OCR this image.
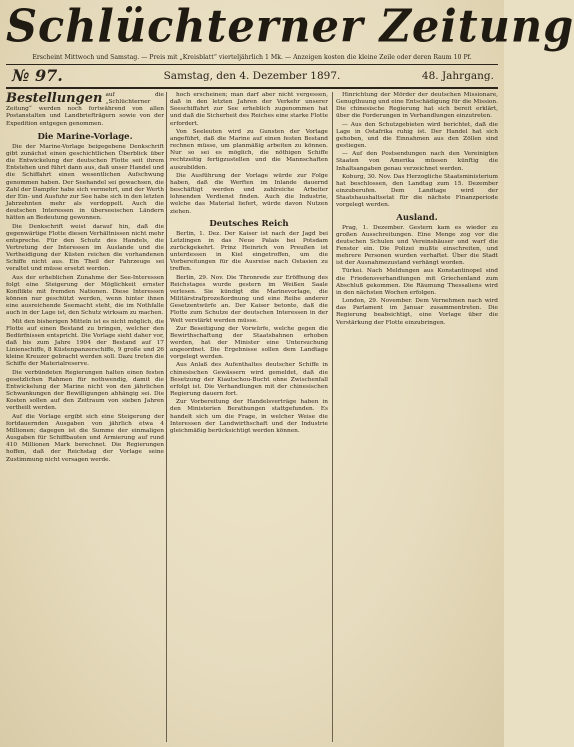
Schlüchterner Zeitung
Erscheint Mittwoch und Samstag. — Preis mit „Kreisblatt“ vierteljährlich 1 Mk. — Anzeigen kosten die kleine Zeile oder deren Raum 10 Pf.
№ 97.	Samstag, den 4. Dezember 1897.	48. Jahrgang.

Bestellungen auf die „Schlüchterner Zeitung“ werden noch fortwährend von allen Postanstalten und Landbriefträgern sowie von der Expedition entgegen genommen.

Die Marine-Vorlage.

Die der Marine-Vorlage beigegebene Denkschrift gibt zunächst einen geschichtlichen Überblick über die Entwickelung der deutschen Flotte seit ihrem Entstehen und führt dann aus, daß unser Handel und die Schiffahrt einen wesentlichen Aufschwung genommen haben. Der Seehandel sei gewachsen, die Zahl der Dampfer habe sich vermehrt, und der Werth der Ein- und Ausfuhr zur See habe sich in den letzten Jahrzehnten mehr als verdoppelt. Auch die deutschen Interessen in überseeischen Ländern hätten an Bedeutung gewonnen.

Die Denkschrift weist darauf hin, daß die gegenwärtige Flotte diesen Verhältnissen nicht mehr entspreche. Für den Schutz des Handels, die Vertretung der Interessen im Auslande und die Vertheidigung der Küsten reichen die vorhandenen Schiffe nicht aus. Ein Theil der Fahrzeuge sei veraltet und müsse ersetzt werden.

Aus der erheblichen Zunahme der See-Interessen folgt eine Steigerung der Möglichkeit ernster Konflikte mit fremden Nationen. Diese Interessen können nur geschützt werden, wenn hinter ihnen eine ausreichende Seemacht steht, die im Nothfalle auch in der Lage ist, den Schutz wirksam zu machen.

Mit den bisherigen Mitteln ist es nicht möglich, die Flotte auf einen Bestand zu bringen, welcher den Bedürfnissen entspricht. Die Vorlage sieht daher vor, daß bis zum Jahre 1904 der Bestand auf 17 Linienschiffe, 8 Küstenpanzerschiffe, 9 große und 26 kleine Kreuzer gebracht werden soll. Dazu treten die Schiffe der Materialreserve.

Die verbündeten Regierungen halten einen festen gesetzlichen Rahmen für nothwendig, damit die Entwickelung der Marine nicht von den jährlichen Schwankungen der Bewilligungen abhängig sei. Die Kosten sollen auf den Zeitraum von sieben Jahren vertheilt werden.

Auf die Vorlage ergibt sich eine Steigerung der fortdauernden Ausgaben von jährlich etwa 4 Millionen; dagegen ist die Summe der einmaligen Ausgaben für Schiffbauten und Armierung auf rund 410 Millionen Mark berechnet. Die Regierungen hoffen, daß der Reichstag der Vorlage seine Zustimmung nicht versagen werde.

hoch erscheinen; man darf aber nicht vergessen, daß in den letzten Jahren der Verkehr unserer Seeschiffahrt zur See erheblich zugenommen hat und daß die Sicherheit des Reiches eine starke Flotte erfordert.

Von Seeleuten wird zu Gunsten der Vorlage angeführt, daß die Marine auf einen festen Bestand rechnen müsse, um planmäßig arbeiten zu können. Nur so sei es möglich, die nöthigen Schiffe rechtzeitig fertigzustellen und die Mannschaften auszubilden.

Die Ausführung der Vorlage würde zur Folge haben, daß die Werften im Inlande dauernd beschäftigt werden und zahlreiche Arbeiter lohnenden Verdienst finden. Auch die Industrie, welche das Material liefert, würde davon Nutzen ziehen.

Deutsches Reich

Berlin, 1. Dez. Der Kaiser ist nach der Jagd bei Letzlingen in das Neue Palais bei Potsdam zurückgekehrt. Prinz Heinrich von Preußen ist unterdessen in Kiel eingetroffen, um die Vorbereitungen für die Ausreise nach Ostasien zu treffen.

Berlin, 29. Nov. Die Thronrede zur Eröffnung des Reichstages wurde gestern im Weißen Saale verlesen. Sie kündigt die Marinevorlage, die Militärstrafprozeßordnung und eine Reihe anderer Gesetzentwürfe an. Der Kaiser betonte, daß die Flotte zum Schutze der deutschen Interessen in der Welt verstärkt werden müsse.

Zur Beseitigung der Vorwürfe, welche gegen die Bewirthschaftung der Staatsbahnen erhoben werden, hat der Minister eine Untersuchung angeordnet. Die Ergebnisse sollen dem Landtage vorgelegt werden.

Aus Anlaß des Aufenthaltes deutscher Schiffe in chinesischen Gewässern wird gemeldet, daß die Besetzung der Kiautschou-Bucht ohne Zwischenfall erfolgt ist. Die Verhandlungen mit der chinesischen Regierung dauern fort.

Zur Vorbereitung der Handelsverträge haben in den Ministerien Berathungen stattgefunden. Es handelt sich um die Frage, in welcher Weise die Interessen der Landwirthschaft und der Industrie gleichmäßig berücksichtigt werden können.

Hinrichtung der Mörder der deutschen Missionare, Genugthuung und eine Entschädigung für die Mission. Die chinesische Regierung hat sich bereit erklärt, über die Forderungen in Verhandlungen einzutreten.

— Aus den Schutzgebieten wird berichtet, daß die Lage in Ostafrika ruhig ist. Der Handel hat sich gehoben, und die Einnahmen aus den Zöllen sind gestiegen.

— Auf den Postsendungen nach den Vereinigten Staaten von Amerika müssen künftig die Inhaltsangaben genau verzeichnet werden.

Koburg, 30. Nov. Das Herzogliche Staatsministerium hat beschlossen, den Landtag zum 15. Dezember einzuberufen. Dem Landtage wird der Staatshaushaltsetat für die nächste Finanzperiode vorgelegt werden.

Ausland.

Prag, 1. Dezember. Gestern kam es wieder zu großen Ausschreitungen. Eine Menge zog vor die deutschen Schulen und Vereinshäuser und warf die Fenster ein. Die Polizei mußte einschreiten, und mehrere Personen wurden verhaftet. Über die Stadt ist der Ausnahmezustand verhängt worden.

Türkei. Nach Meldungen aus Konstantinopel sind die Friedensverhandlungen mit Griechenland zum Abschluß gekommen. Die Räumung Thessaliens wird in den nächsten Wochen erfolgen.

London, 29. November. Dem Vernehmen nach wird das Parlament im Januar zusammentreten. Die Regierung beabsichtigt, eine Vorlage über die Verstärkung der Flotte einzubringen.
